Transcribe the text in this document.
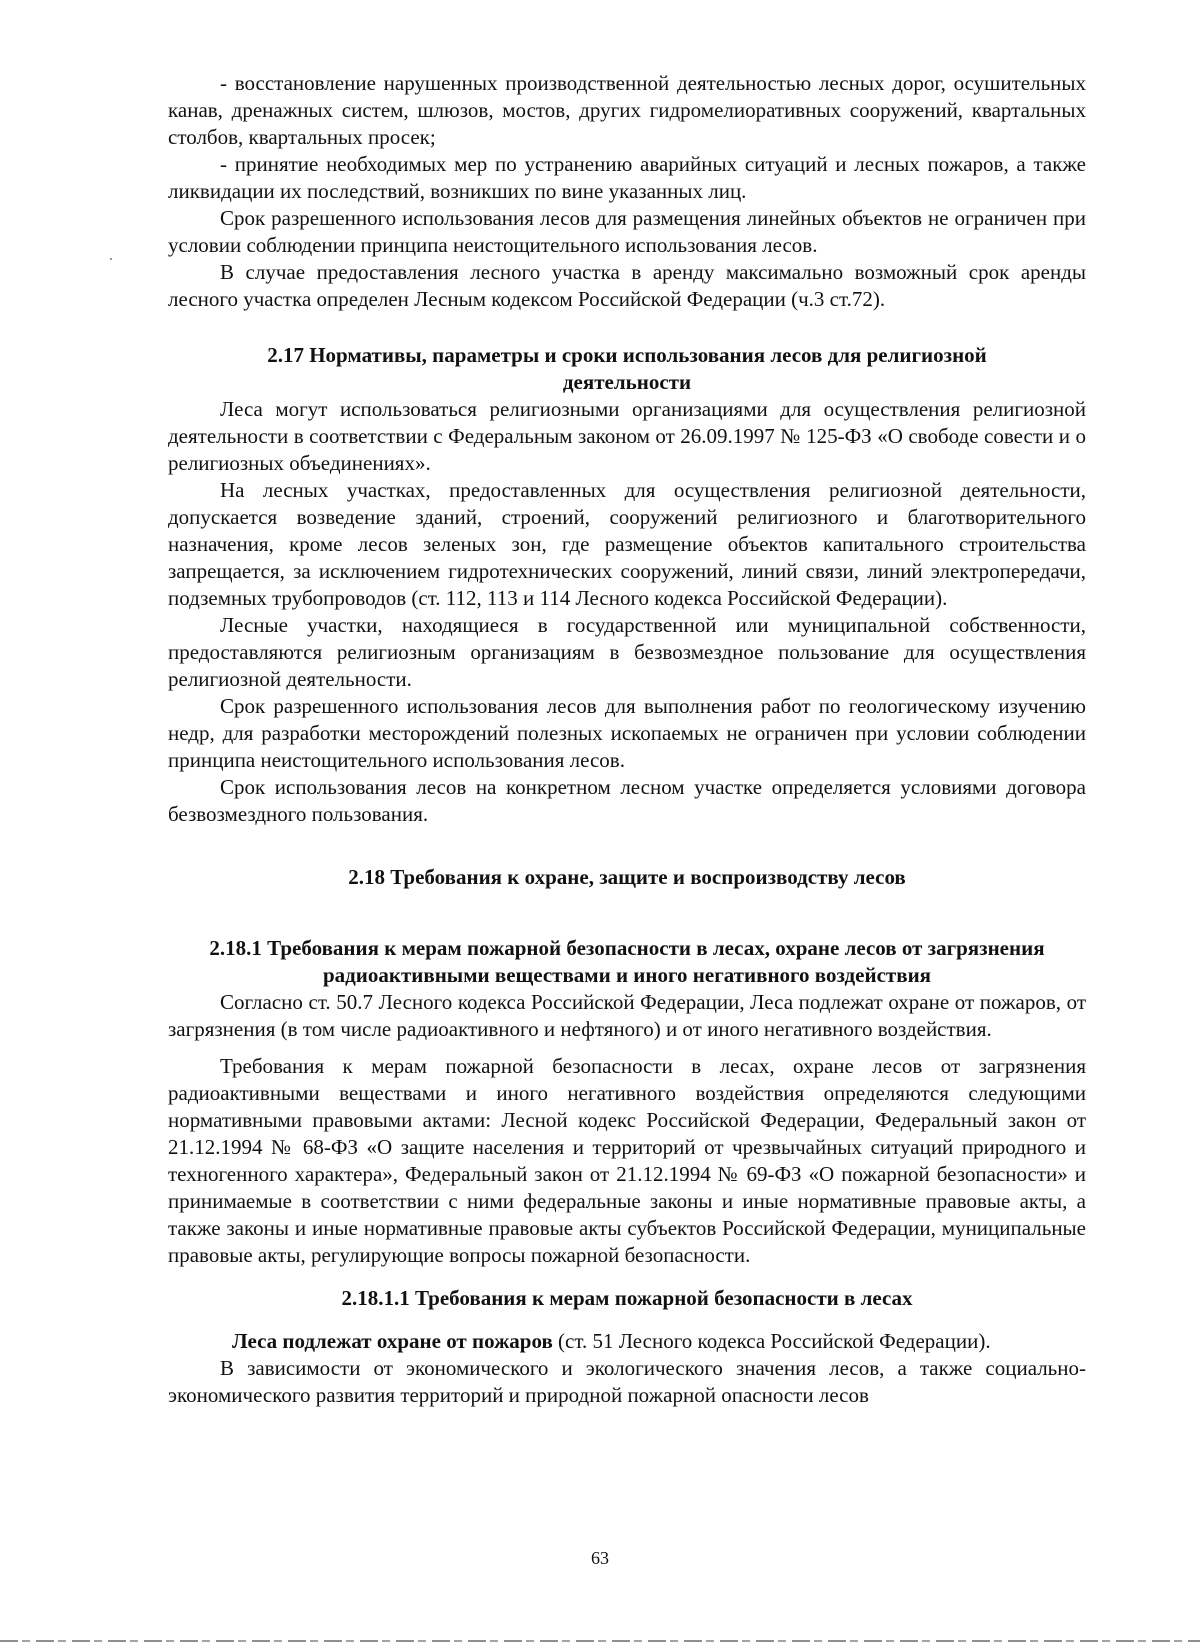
- восстановление нарушенных производственной деятельностью лесных дорог, осушительных канав, дренажных систем, шлюзов, мостов, других гидромелиоративных сооружений, квартальных столбов, квартальных просек;

- принятие необходимых мер по устранению аварийных ситуаций и лесных пожаров, а также ликвидации их последствий, возникших по вине указанных лиц.

Срок разрешенного использования лесов для размещения линейных объектов не ограничен при условии соблюдении принципа неистощительного использования лесов.

В случае предоставления лесного участка в аренду максимально возможный срок аренды лесного участка определен Лесным кодексом Российской Федерации (ч.3 ст.72).

2.17 Нормативы, параметры и сроки использования лесов для религиозной деятельности

Леса могут использоваться религиозными организациями для осуществления религиозной деятельности в соответствии с Федеральным законом от 26.09.1997 № 125-ФЗ «О свободе совести и о религиозных объединениях».

На лесных участках, предоставленных для осуществления религиозной деятельности, допускается возведение зданий, строений, сооружений религиозного и благотворительного назначения, кроме лесов зеленых зон, где размещение объектов капитального строительства запрещается, за исключением гидротехнических сооружений, линий связи, линий электропередачи, подземных трубопроводов (ст. 112, 113 и 114 Лесного кодекса Российской Федерации).

Лесные участки, находящиеся в государственной или муниципальной собственности, предоставляются религиозным организациям в безвозмездное пользование для осуществления религиозной деятельности.

Срок разрешенного использования лесов для выполнения работ по геологическому изучению недр, для разработки месторождений полезных ископаемых не ограничен при условии соблюдении принципа неистощительного использования лесов.

Срок использования лесов на конкретном лесном участке определяется условиями договора безвозмездного пользования.

2.18 Требования к охране, защите и воспроизводству лесов

2.18.1 Требования к мерам пожарной безопасности в лесах, охране лесов от загрязнения радиоактивными веществами и иного негативного воздействия

Согласно ст. 50.7 Лесного кодекса Российской Федерации, Леса подлежат охране от пожаров, от загрязнения (в том числе радиоактивного и нефтяного) и от иного негативного воздействия.

Требования к мерам пожарной безопасности в лесах, охране лесов от загрязнения радиоактивными веществами и иного негативного воздействия определяются следующими нормативными правовыми актами: Лесной кодекс Российской Федерации, Федеральный закон от 21.12.1994 № 68-ФЗ «О защите населения и территорий от чрезвычайных ситуаций природного и техногенного характера», Федеральный закон от 21.12.1994 № 69-ФЗ «О пожарной безопасности» и принимаемые в соответствии с ними федеральные законы и иные нормативные правовые акты, а также законы и иные нормативные правовые акты субъектов Российской Федерации, муниципальные правовые акты, регулирующие вопросы пожарной безопасности.

2.18.1.1 Требования к мерам пожарной безопасности в лесах

Леса подлежат охране от пожаров (ст. 51 Лесного кодекса Российской Федерации).

В зависимости от экономического и экологического значения лесов, а также социально-экономического развития территорий и природной пожарной опасности лесов

63
